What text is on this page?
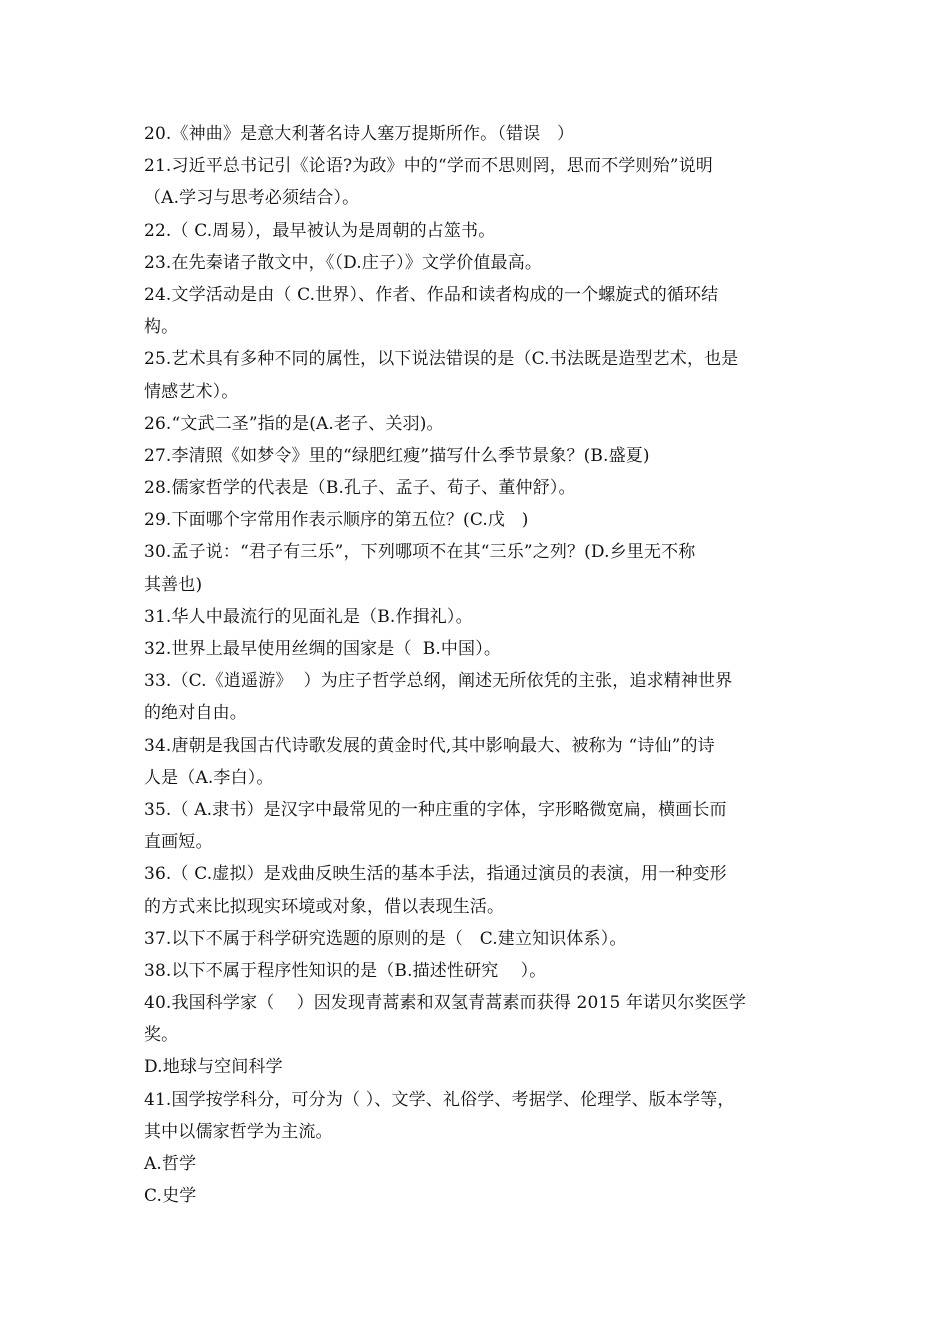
20.《神曲》是意大利著名诗人塞万提斯所作。（错误   ）
21.习近平总书记引《论语?为政》中的“学而不思则罔，思而不学则殆”说明
（A.学习与思考必须结合）。
22.（ C.周易），最早被认为是周朝的占筮书。
23.在先秦诸子散文中，《（D.庄子）》文学价值最高。
24.文学活动是由（ C.世界）、作者、作品和读者构成的一个螺旋式的循环结
构。
25.艺术具有多种不同的属性，以下说法错误的是（C.书法既是造型艺术，也是
情感艺术）。
26.“文武二圣”指的是(A.老子、关羽)。
27.李清照《如梦令》里的“绿肥红瘦”描写什么季节景象？(B.盛夏)
28.儒家哲学的代表是（B.孔子、孟子、荀子、董仲舒）。
29.下面哪个字常用作表示顺序的第五位？(C.戊   )
30.孟子说：“君子有三乐”，下列哪项不在其“三乐”之列？(D.乡里无不称
其善也)
31.华人中最流行的见面礼是（B.作揖礼）。
32.世界上最早使用丝绸的国家是（  B.中国）。
33.（C.《逍遥游》  ）为庄子哲学总纲，阐述无所依凭的主张，追求精神世界
的绝对自由。
34.唐朝是我国古代诗歌发展的黄金时代,其中影响最大、被称为 “诗仙”的诗
人是（A.李白）。
35.（ A.隶书）是汉字中最常见的一种庄重的字体，字形略微宽扁，横画长而
直画短。
36.（ C.虚拟）是戏曲反映生活的基本手法，指通过演员的表演，用一种变形
的方式来比拟现实环境或对象，借以表现生活。
37.以下不属于科学研究选题的原则的是（   C.建立知识体系）。
38.以下不属于程序性知识的是（B.描述性研究    ）。
40.我国科学家（    ）因发现青蒿素和双氢青蒿素而获得 2015 年诺贝尔奖医学
奖。
D.地球与空间科学
41.国学按学科分，可分为（ ）、文学、礼俗学、考据学、伦理学、版本学等，
其中以儒家哲学为主流。
A.哲学
C.史学
